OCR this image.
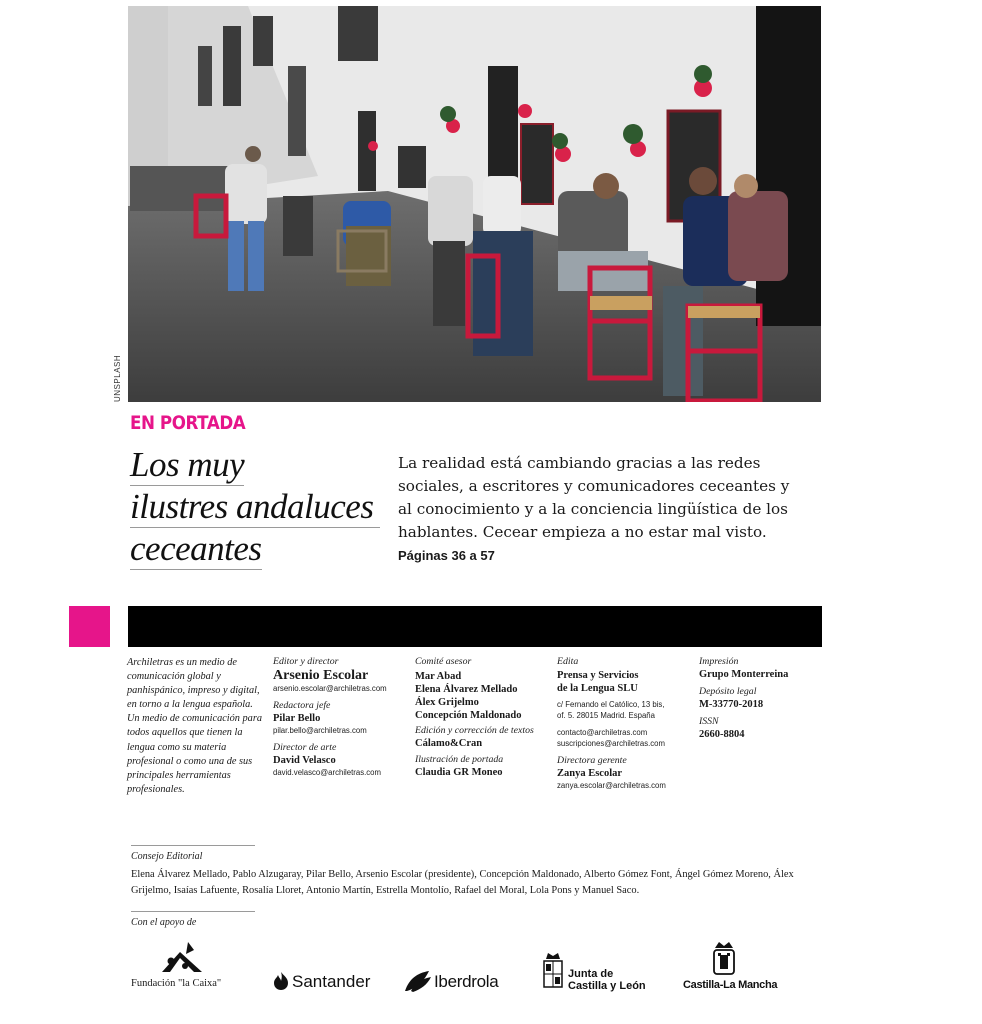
UNSPLASH
EN PORTADA
Los muy
ilustres andaluces
ceceantes
La realidad está cambiando gracias a las redes sociales, a escritores y comunicadores ceceantes y al conocimiento y a la conciencia lingüística de los hablantes. Cecear empieza a no estar mal visto.
Páginas 36 a 57
Archiletras es un medio de comunicación global y panhispánico, impreso y digital, en torno a la lengua española. Un medio de comunicación para todos aquellos que tienen la lengua como su materia profesional o como una de sus principales herramientas profesionales.
Editor y director
Arsenio Escolar
arsenio.escolar@archiletras.com
Redactora jefe
Pilar Bello
pilar.bello@archiletras.com
Director de arte
David Velasco
david.velasco@archiletras.com
Comité asesor
Mar Abad
Elena Álvarez Mellado
Álex Grijelmo
Concepción Maldonado
Edición y corrección de textos
Cálamo&Cran
Ilustración de portada
Claudia GR Moneo
Edita
Prensa y Servicios
de la Lengua SLU
c/ Fernando el Católico, 13 bis,
of. 5. 28015 Madrid. España
contacto@archiletras.com
suscripciones@archiletras.com
Directora gerente
Zanya Escolar
zanya.escolar@archiletras.com
Impresión
Grupo Monterreina
Depósito legal
M-33770-2018
ISSN
2660-8804
Consejo Editorial
Elena Álvarez Mellado, Pablo Alzugaray, Pilar Bello, Arsenio Escolar (presidente), Concepción Maldonado, Alberto Gómez Font, Ángel Gómez Moreno, Álex Grijelmo, Isaías Lafuente, Rosalía Lloret, Antonio Martín, Estrella Montolío, Rafael del Moral, Lola Pons y Manuel Saco.
Con el apoyo de
Fundación "la Caixa"	Santander	Iberdrola	Junta de
Castilla y León	Castilla-La Mancha
